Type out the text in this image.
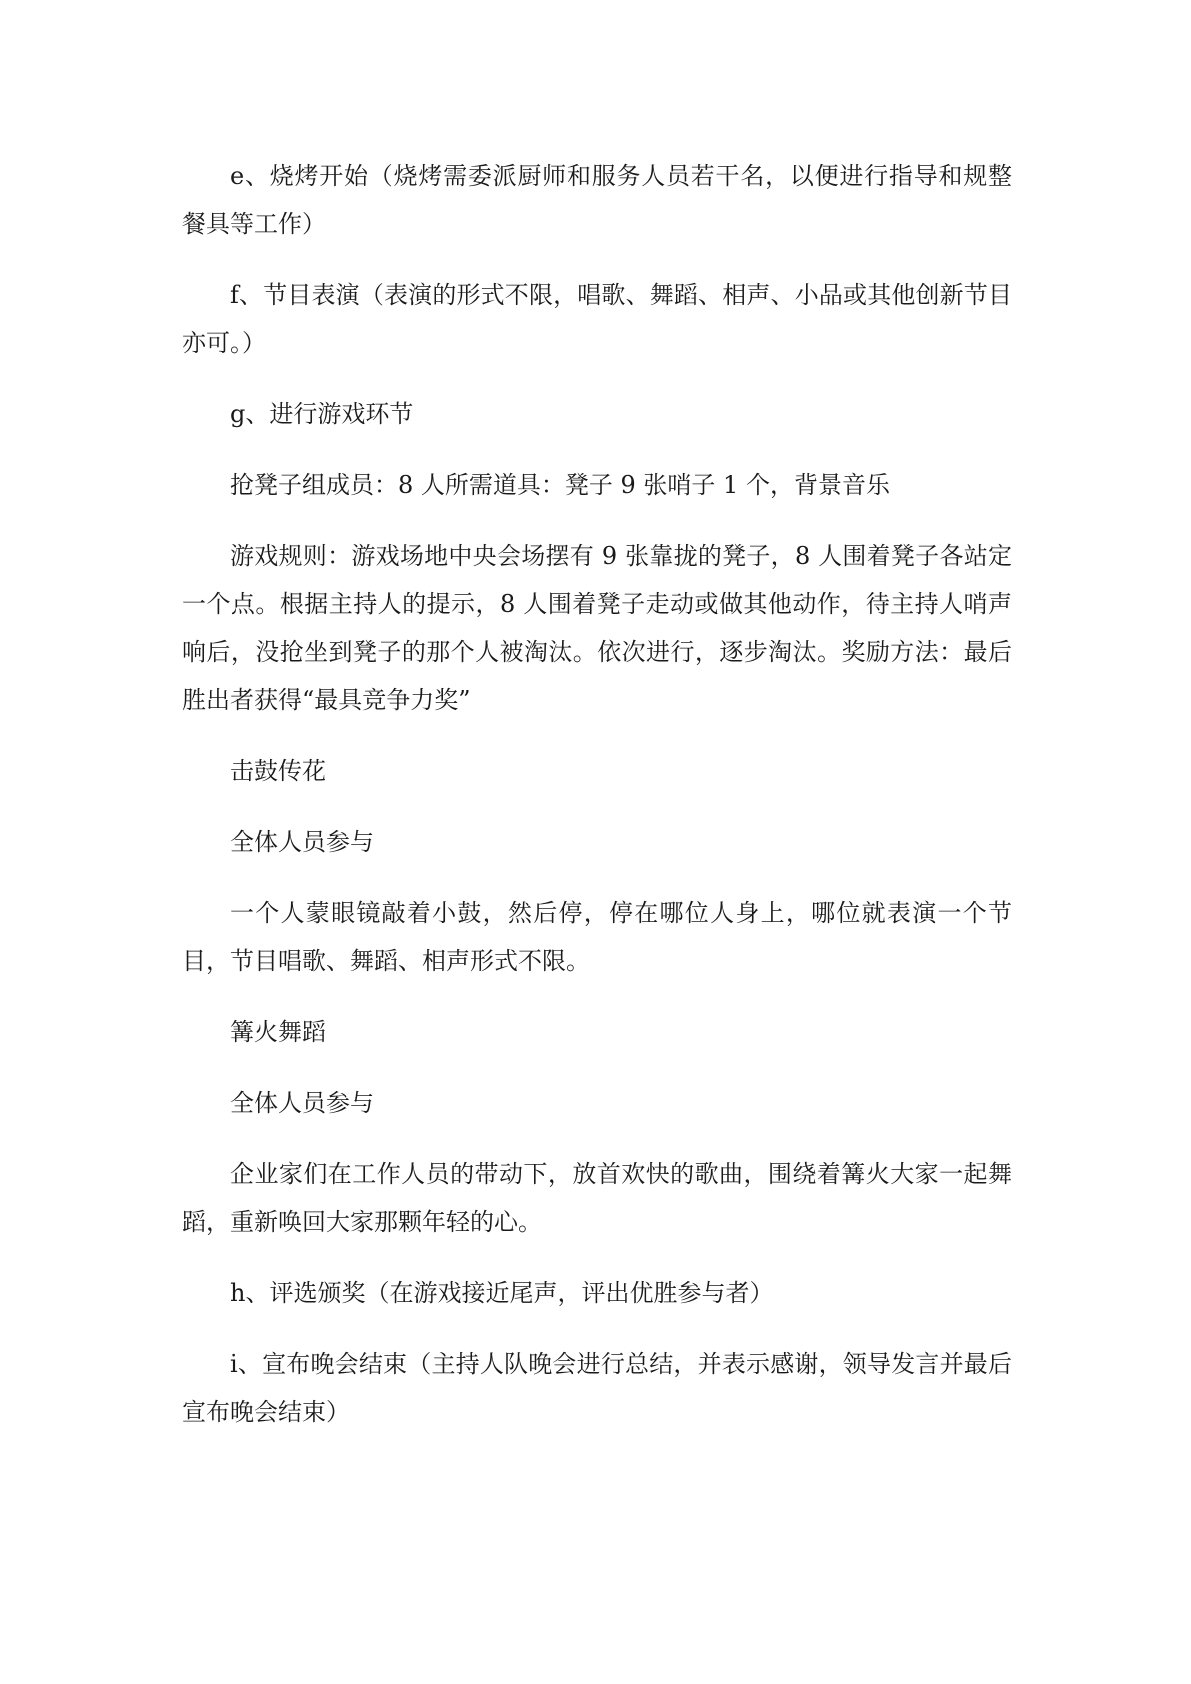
e、烧烤开始（烧烤需委派厨师和服务人员若干名，以便进行指导和规整餐具等工作）

f、节目表演（表演的形式不限，唱歌、舞蹈、相声、小品或其他创新节目亦可。）

g、进行游戏环节

抢凳子组成员：8 人所需道具：凳子 9 张哨子 1 个，背景音乐

游戏规则：游戏场地中央会场摆有 9 张靠拢的凳子，8 人围着凳子各站定一个点。根据主持人的提示，8 人围着凳子走动或做其他动作，待主持人哨声响后，没抢坐到凳子的那个人被淘汰。依次进行，逐步淘汰。奖励方法：最后胜出者获得“最具竞争力奖”

击鼓传花

全体人员参与

一个人蒙眼镜敲着小鼓，然后停，停在哪位人身上，哪位就表演一个节目，节目唱歌、舞蹈、相声形式不限。

篝火舞蹈

全体人员参与

企业家们在工作人员的带动下，放首欢快的歌曲，围绕着篝火大家一起舞蹈，重新唤回大家那颗年轻的心。

h、评选颁奖（在游戏接近尾声，评出优胜参与者）

i、宣布晚会结束（主持人队晚会进行总结，并表示感谢，领导发言并最后宣布晚会结束）
